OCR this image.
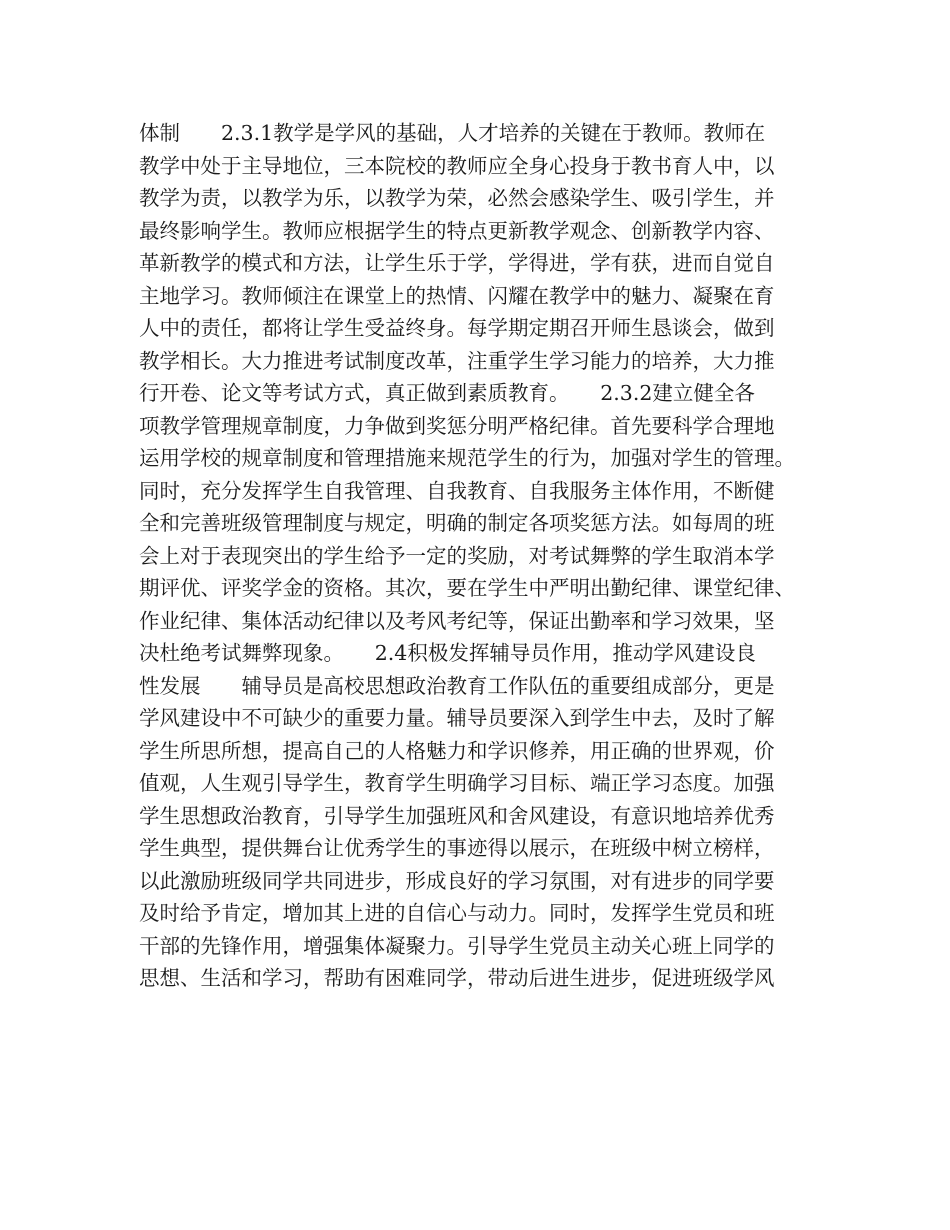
体制　　2.3.1教学是学风的基础，人才培养的关键在于教师。教师在
教学中处于主导地位，三本院校的教师应全身心投身于教书育人中，以
教学为责，以教学为乐，以教学为荣，必然会感染学生、吸引学生，并
最终影响学生。教师应根据学生的特点更新教学观念、创新教学内容、
革新教学的模式和方法，让学生乐于学，学得进，学有获，进而自觉自
主地学习。教师倾注在课堂上的热情、闪耀在教学中的魅力、凝聚在育
人中的责任，都将让学生受益终身。每学期定期召开师生恳谈会，做到
教学相长。大力推进考试制度改革，注重学生学习能力的培养，大力推
行开卷、论文等考试方式，真正做到素质教育。　　2.3.2建立健全各
项教学管理规章制度，力争做到奖惩分明严格纪律。首先要科学合理地
运用学校的规章制度和管理措施来规范学生的行为，加强对学生的管理。
同时，充分发挥学生自我管理、自我教育、自我服务主体作用，不断健
全和完善班级管理制度与规定，明确的制定各项奖惩方法。如每周的班
会上对于表现突出的学生给予一定的奖励，对考试舞弊的学生取消本学
期评优、评奖学金的资格。其次，要在学生中严明出勤纪律、课堂纪律、
作业纪律、集体活动纪律以及考风考纪等，保证出勤率和学习效果，坚
决杜绝考试舞弊现象。　　2.4积极发挥辅导员作用，推动学风建设良
性发展　　辅导员是高校思想政治教育工作队伍的重要组成部分，更是
学风建设中不可缺少的重要力量。辅导员要深入到学生中去，及时了解
学生所思所想，提高自己的人格魅力和学识修养，用正确的世界观，价
值观，人生观引导学生，教育学生明确学习目标、端正学习态度。加强
学生思想政治教育，引导学生加强班风和舍风建设，有意识地培养优秀
学生典型，提供舞台让优秀学生的事迹得以展示，在班级中树立榜样，
以此激励班级同学共同进步，形成良好的学习氛围，对有进步的同学要
及时给予肯定，增加其上进的自信心与动力。同时，发挥学生党员和班
干部的先锋作用，增强集体凝聚力。引导学生党员主动关心班上同学的
思想、生活和学习，帮助有困难同学，带动后进生进步，促进班级学风
